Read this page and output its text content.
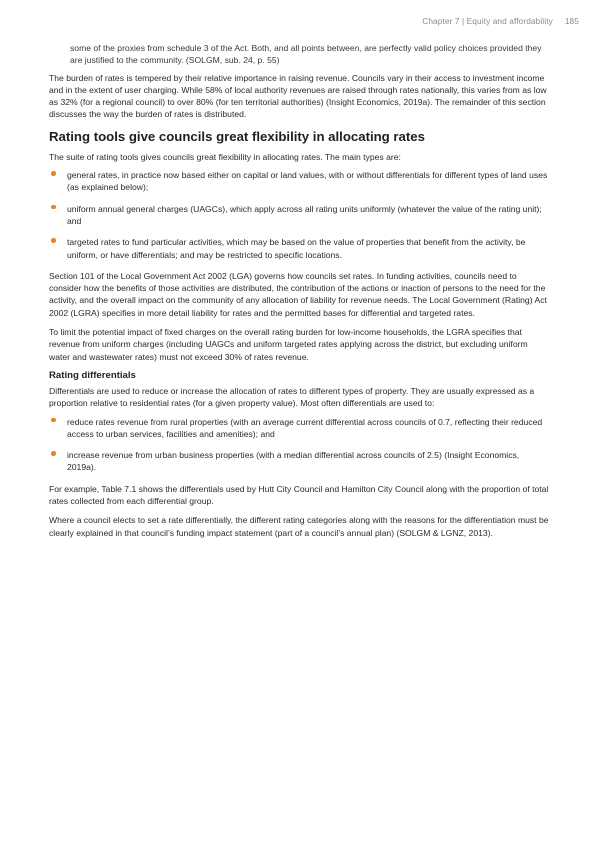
Chapter 7 | Equity and affordability 185

some of the proxies from schedule 3 of the Act. Both, and all points between, are perfectly valid policy choices provided they are justified to the community. (SOLGM, sub. 24, p. 55)

The burden of rates is tempered by their relative importance in raising revenue. Councils vary in their access to investment income and in the extent of user charging. While 58% of local authority revenues are raised through rates nationally, this varies from as low as 32% (for a regional council) to over 80% (for ten territorial authorities) (Insight Economics, 2019a). The remainder of this section discusses the way the burden of rates is distributed.

Rating tools give councils great flexibility in allocating rates

The suite of rating tools gives councils great flexibility in allocating rates. The main types are:

general rates, in practice now based either on capital or land values, with or without differentials for different types of land uses (as explained below);

uniform annual general charges (UAGCs), which apply across all rating units uniformly (whatever the value of the rating unit); and

targeted rates to fund particular activities, which may be based on the value of properties that benefit from the activity, be uniform, or have differentials; and may be restricted to specific locations.

Section 101 of the Local Government Act 2002 (LGA) governs how councils set rates. In funding activities, councils need to consider how the benefits of those activities are distributed, the contribution of the actions or inaction of persons to the need for the activity, and the overall impact on the community of any allocation of liability for revenue needs. The Local Government (Rating) Act 2002 (LGRA) specifies in more detail liability for rates and the permitted bases for differential and targeted rates.

To limit the potential impact of fixed charges on the overall rating burden for low-income households, the LGRA specifies that revenue from uniform charges (including UAGCs and uniform targeted rates applying across the district, but excluding uniform water and wastewater rates) must not exceed 30% of rates revenue.

Rating differentials

Differentials are used to reduce or increase the allocation of rates to different types of property. They are usually expressed as a proportion relative to residential rates (for a given property value). Most often differentials are used to:

reduce rates revenue from rural properties (with an average current differential across councils of 0.7, reflecting their reduced access to urban services, facilities and amenities); and

increase revenue from urban business properties (with a median differential across councils of 2.5) (Insight Economics, 2019a).

For example, Table 7.1 shows the differentials used by Hutt City Council and Hamilton City Council along with the proportion of total rates collected from each differential group.

Where a council elects to set a rate differentially, the different rating categories along with the reasons for the differentiation must be clearly explained in that council’s funding impact statement (part of a council’s annual plan) (SOLGM & LGNZ, 2013).
